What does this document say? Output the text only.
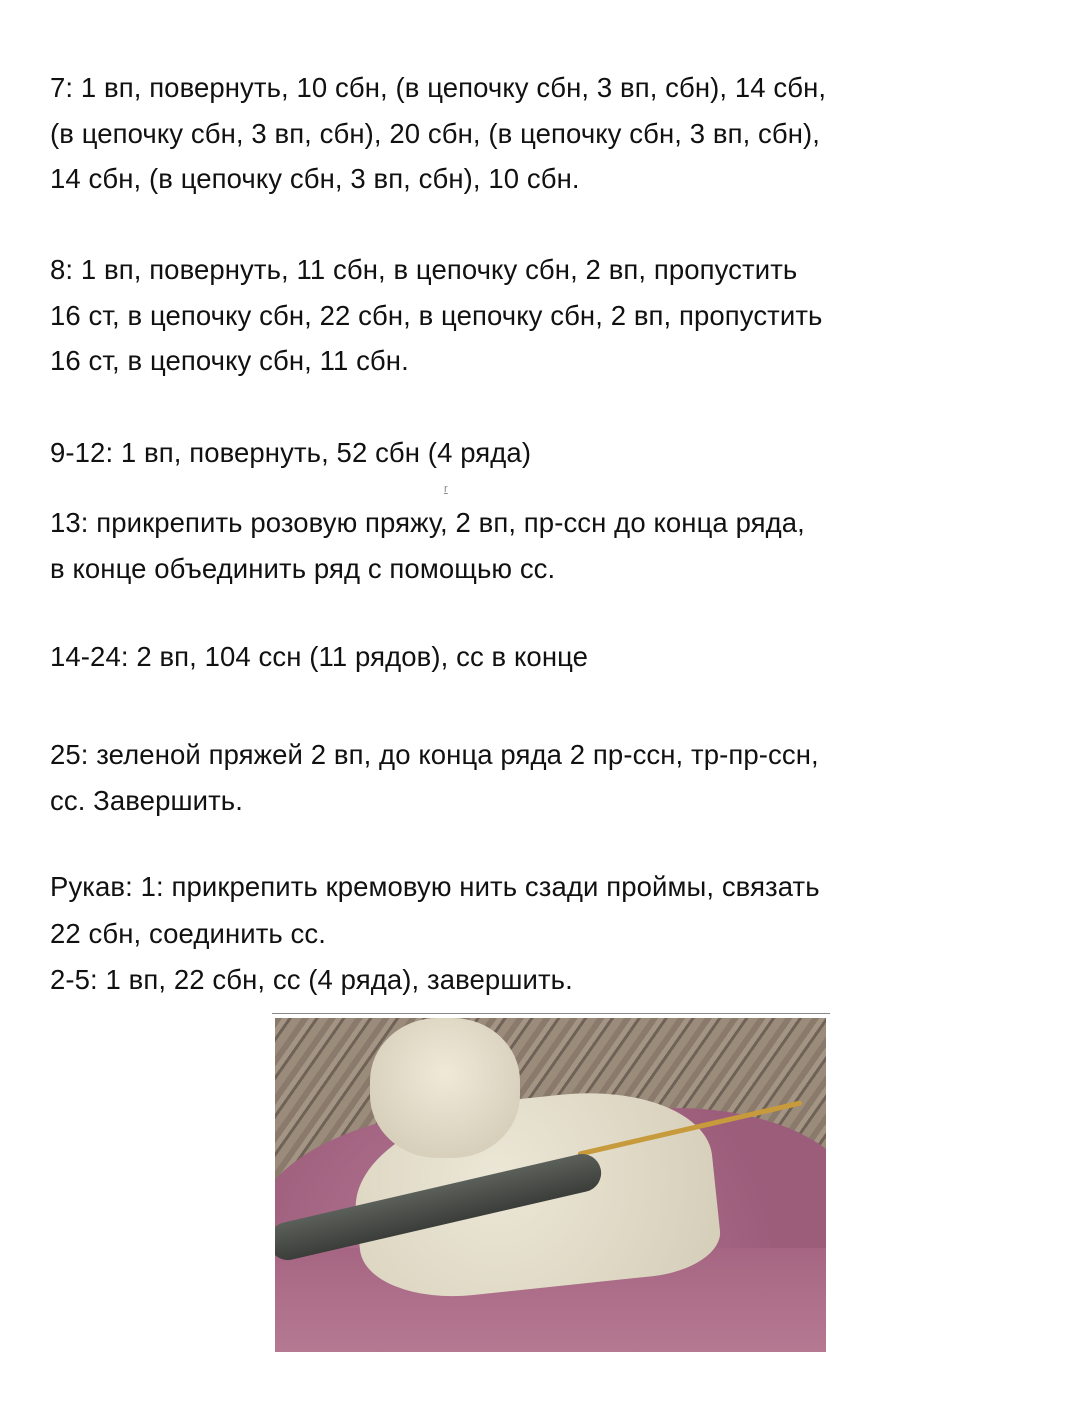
7: 1 вп, повернуть, 10 сбн, (в цепочку сбн, 3 вп, сбн), 14 сбн,
(в цепочку сбн, 3 вп, сбн), 20 сбн, (в цепочку сбн, 3 вп, сбн),
14 сбн, (в цепочку сбн, 3 вп, сбн), 10 сбн.
8: 1 вп, повернуть, 11 сбн, в цепочку сбн, 2 вп, пропустить
16 ст, в цепочку сбн, 22 сбн, в цепочку сбн, 2 вп, пропустить
16 ст, в цепочку сбн, 11 сбн.
9-12: 1 вп, повернуть, 52 сбн (4 ряда)
r
13: прикрепить розовую пряжу, 2 вп, пр-ссн до конца ряда,
в конце объединить ряд с помощью сс.
14-24: 2 вп, 104 ссн (11 рядов), сс в конце
25: зеленой пряжей 2 вп, до конца ряда 2 пр-ссн, тр-пр-ссн,
сс. Завершить.
Рукав: 1: прикрепить кремовую нить сзади проймы, связать
22 сбн, соединить сс.
2-5: 1 вп, 22 сбн, сс (4 ряда), завершить.
